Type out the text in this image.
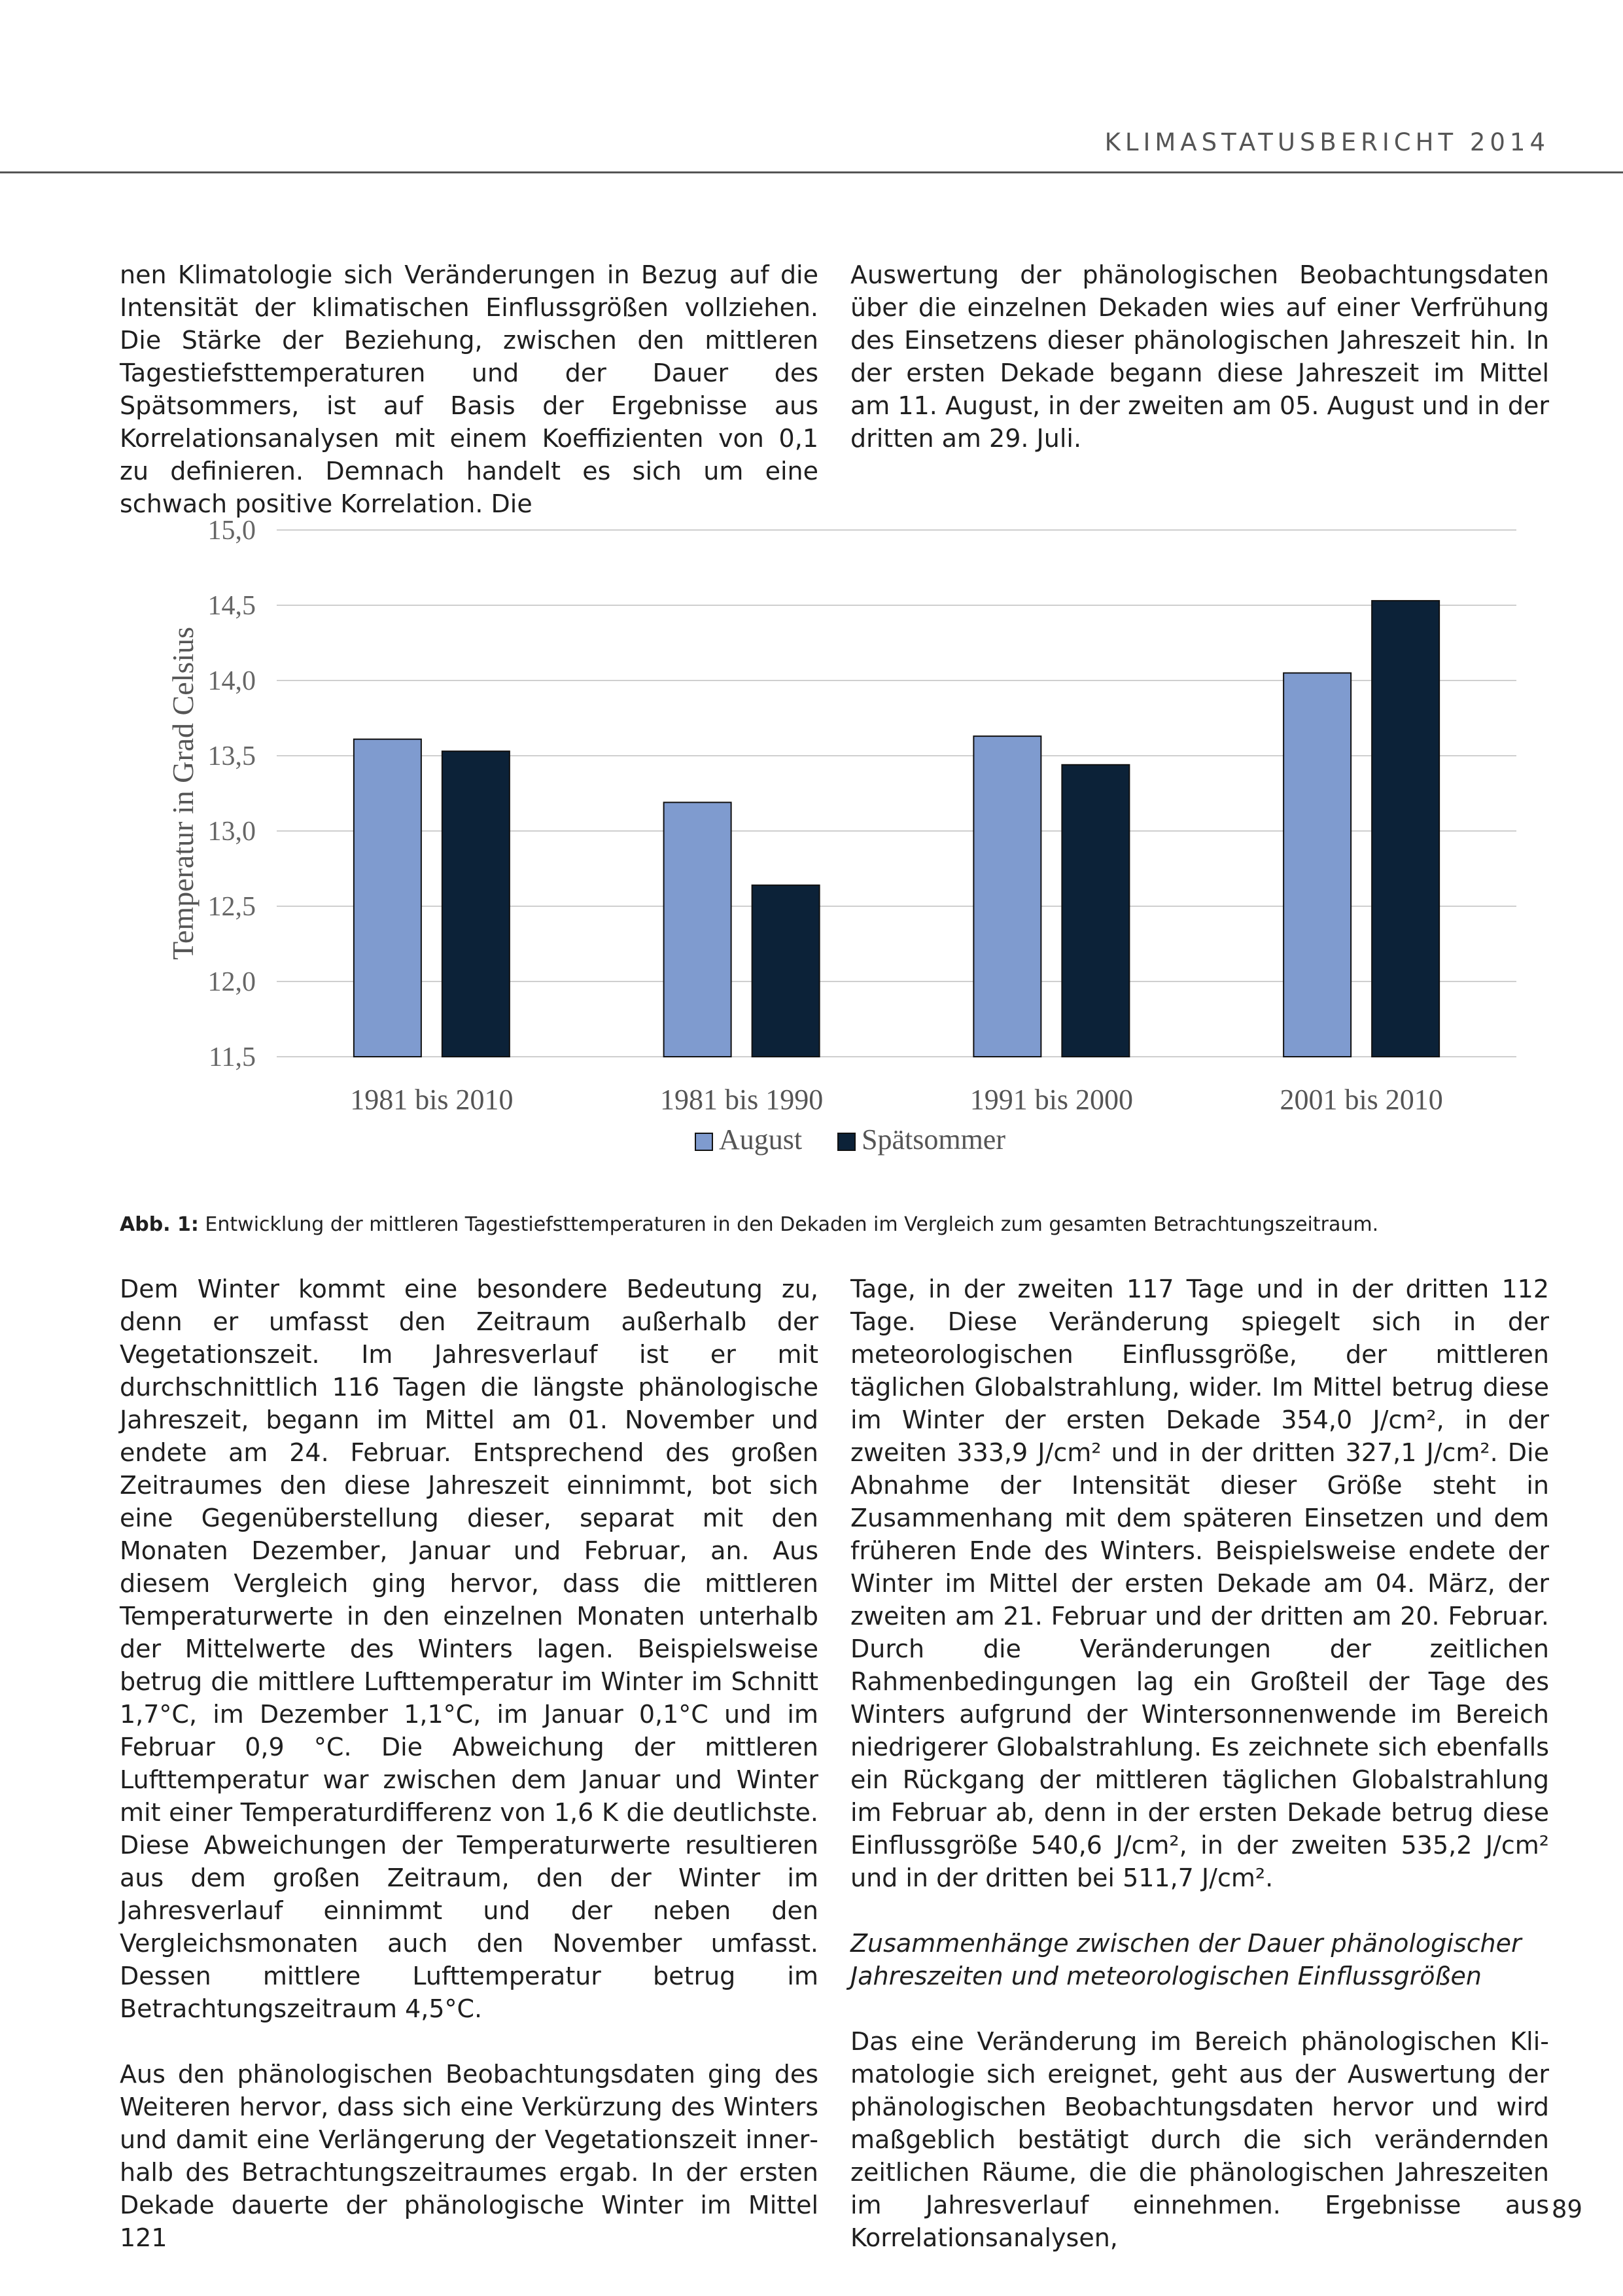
KLIMASTATUSBERICHT 2014

nen Klimatologie sich Veränderungen in Bezug auf die Intensität der klimatischen Einflussgrößen vollziehen. Die Stärke der Beziehung, zwischen den mittleren Tagestiefsttemperaturen und der Dauer des Spätsommers, ist auf Basis der Ergebnisse aus Korrelationsanalysen mit einem Koeffizienten von 0,1 zu definieren. Demnach handelt es sich um eine schwach positive Korrelation. Die

Auswertung der phänologischen Beobachtungsdaten über die einzelnen Dekaden wies auf einer Verfrühung des Einsetzens dieser phänologischen Jahreszeit hin. In der ersten Dekade begann diese Jahreszeit im Mittel am 11. August, in der zweiten am 05. August und in der dritten am 29. Juli.

11,5
12,0
12,5
13,0
13,5
14,0
14,5
15,0
Temperatur in Grad Celsius
1981 bis 2010	1981 bis 1990	1991 bis 2000	2001 bis 2010
August Spätsommer
Abb. 1: Entwicklung der mittleren Tagestiefsttemperaturen in den Dekaden im Vergleich zum gesamten Betrachtungszeitraum.

Dem Winter kommt eine besondere Bedeutung zu, denn er umfasst den Zeitraum außerhalb der Vegetationszeit. Im Jahresverlauf ist er mit durchschnittlich 116 Tagen die längste phänologische Jahreszeit, begann im Mittel am 01. November und endete am 24. Februar. Entsprechend des großen Zeitraumes den diese Jahreszeit einnimmt, bot sich eine Gegenüberstellung dieser, separat mit den Monaten Dezember, Januar und Februar, an. Aus diesem Vergleich ging hervor, dass die mittleren Temperaturwerte in den einzelnen Monaten unterhalb der Mittelwerte des Winters lagen. Beispielsweise betrug die mittlere Lufttemperatur im Winter im Schnitt 1,7°C, im Dezember 1,1°C, im Januar 0,1°C und im Februar 0,9 °C. Die Abweichung der mittleren Lufttemperatur war zwischen dem Januar und Winter mit einer Temperaturdifferenz von 1,6 K die deutlichste. Diese Abweichungen der Temperaturwerte resultieren aus dem großen Zeitraum, den der Winter im Jahresverlauf einnimmt und der neben den Vergleichsmonaten auch den November umfasst. Dessen mittlere Lufttemperatur betrug im Betrachtungszeitraum 4,5°C.

Aus den phänologischen Beobachtungsdaten ging des Weiteren hervor, dass sich eine Verkürzung des Winters und damit eine Verlängerung der Vegetationszeit innerhalb des Betrachtungszeitraumes ergab. In der ersten Dekade dauerte der phänologische Winter im Mittel 121

Tage, in der zweiten 117 Tage und in der dritten 112 Tage. Diese Veränderung spiegelt sich in der meteorologischen Einflussgröße, der mittleren täglichen Globalstrahlung, wider. Im Mittel betrug diese im Winter der ersten Dekade 354,0 J/cm², in der zweiten 333,9 J/cm² und in der dritten 327,1 J/cm². Die Abnahme der Intensität dieser Größe steht in Zusammenhang mit dem späteren Einsetzen und dem früheren Ende des Winters. Beispielsweise endete der Winter im Mittel der ersten Dekade am 04. März, der zweiten am 21. Februar und der dritten am 20. Februar. Durch die Veränderungen der zeitlichen Rahmenbedingungen lag ein Großteil der Tage des Winters aufgrund der Wintersonnenwende im Bereich niedrigerer Globalstrahlung. Es zeichnete sich ebenfalls ein Rückgang der mittleren täglichen Globalstrahlung im Februar ab, denn in der ersten Dekade betrug diese Einflussgröße 540,6 J/cm², in der zweiten 535,2 J/cm² und in der dritten bei 511,7 J/cm².

Zusammenhänge zwischen der Dauer phänologischer Jahreszeiten und meteorologischen Einflussgrößen

Das eine Veränderung im Bereich phänologischen Klimatologie sich ereignet, geht aus der Auswertung der phänologischen Beobachtungsdaten hervor und wird maßgeblich bestätigt durch die sich verändernden zeitlichen Räume, die die phänologischen Jahreszeiten im Jahresverlauf einnehmen. Ergebnisse aus Korrelationsanalysen,

89
